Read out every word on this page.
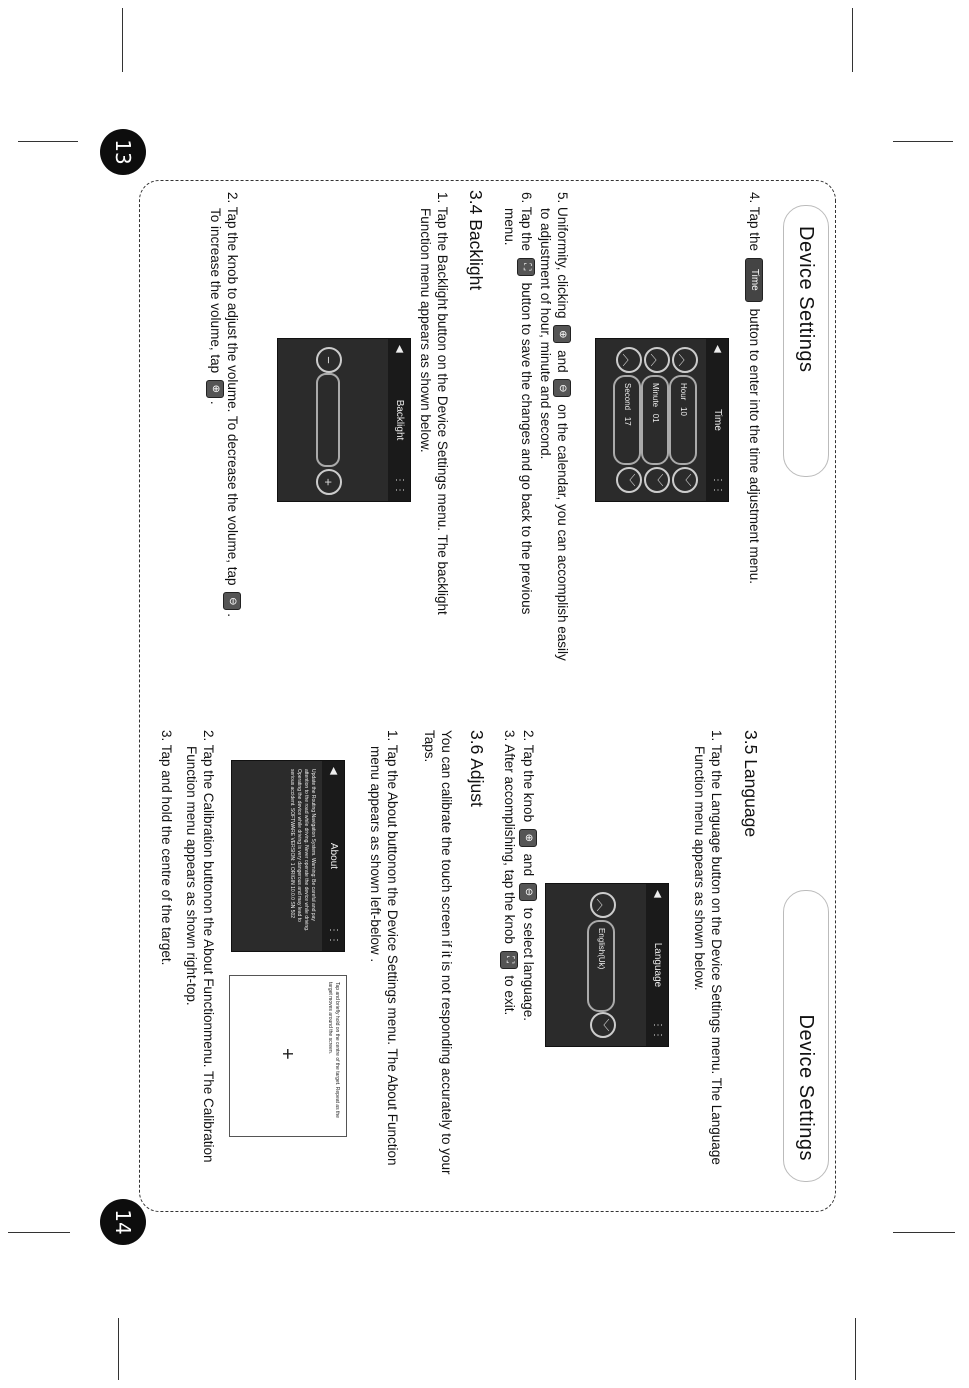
13
14
Device Settings
Device Settings
4. Tap the Time button to enter into the time adjustment menu.
◀
Time
⋮⋮
︿
︿
︿
Hour   10
Minute   01
Second   17
﹀
﹀
﹀
5. Uniformity, clicking ⊕ and ⊖ on the calendar, you can accomplish easily
to adjustment of hour, minute and second.
6. Tap the ⛶ button to save the changes and go back to the previous
menu.
3.4 Backlight
1. Tap the Backlight button on the Device Settings menu. The backlight
Function menu appears as shown below.
◀
Backlight
⋮⋮
−
+
2. Tap the knob to adjust the volume. To decrease the volume, tap ⊖.
To increase the volume, tap ⊕.
3.5 Language
1. Tap the Language button on the Device Settings menu. The Language
Function menu appears as shown below.
◀
Language
⋮⋮
︿
English(Uk)
﹀
2. Tap the knob ⊕ and ⊖ to select language.
3. After accomplishing, tap the knob ⛶ to exit.
3.6 Adjust
You can calibrate the touch screen if it is not responding accurately to your
Taps.
1. Tap the About buttonon the Device Settings menu. The About Function
menu appears as shown left-below .
◀
About
⋮⋮
Update the Routing Navigation System. Warning: Be careful and pay attention to the road while driving. Never operate the device while driving. Operating the device while driving is very dangerous and may lead to serious accident. SOFTWARE VERSION: 1 ORIGIN 10.0.0 SN 502
Tap and briefly hold on the centre of the target. Repeat as the target moves around the screen.
+
2. Tap the Calibration buttonon the About Functionmenu. The Calibration
Function menu appears as shown right-top.
3. Tap and hold the centre of the target.
